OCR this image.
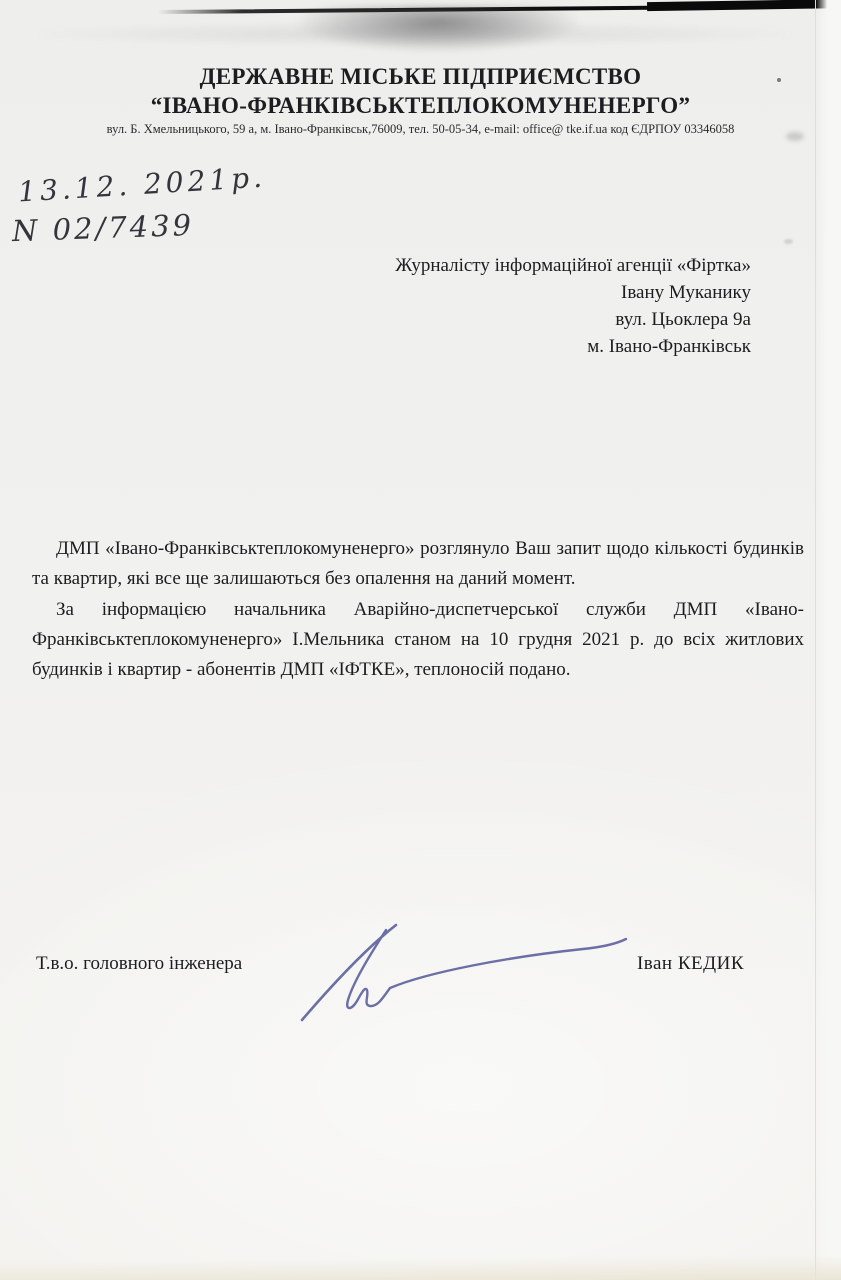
ДЕРЖАВНЕ МІСЬКЕ ПІДПРИЄМСТВО
“ІВАНО-ФРАНКІВСЬКТЕПЛОКОМУНЕНЕРГО”
вул. Б. Хмельницького, 59 а, м. Івано-Франківськ,76009, тел. 50-05-34, e-mail: office@ tke.if.ua код ЄДРПОУ 03346058
13.12. 2021р.
N 02/7439
Журналісту інформаційної агенції «Фіртка»
Івану Муканику
вул. Цьоклера 9а
м. Івано-Франківськ

ДМП «Івано-Франківськтеплокомуненерго» розглянуло Ваш запит щодо кількості будинків та квартир, які все ще залишаються без опалення на даний момент.

За інформацією начальника Аварійно-диспетчерської служби ДМП «Івано-Франківськтеплокомуненерго» І.Мельника станом на 10 грудня 2021 р. до всіх житлових будинків і квартир - абонентів ДМП «ІФТКЕ», теплоносій подано.

Т.в.о. головного інженера	Іван КЕДИК
